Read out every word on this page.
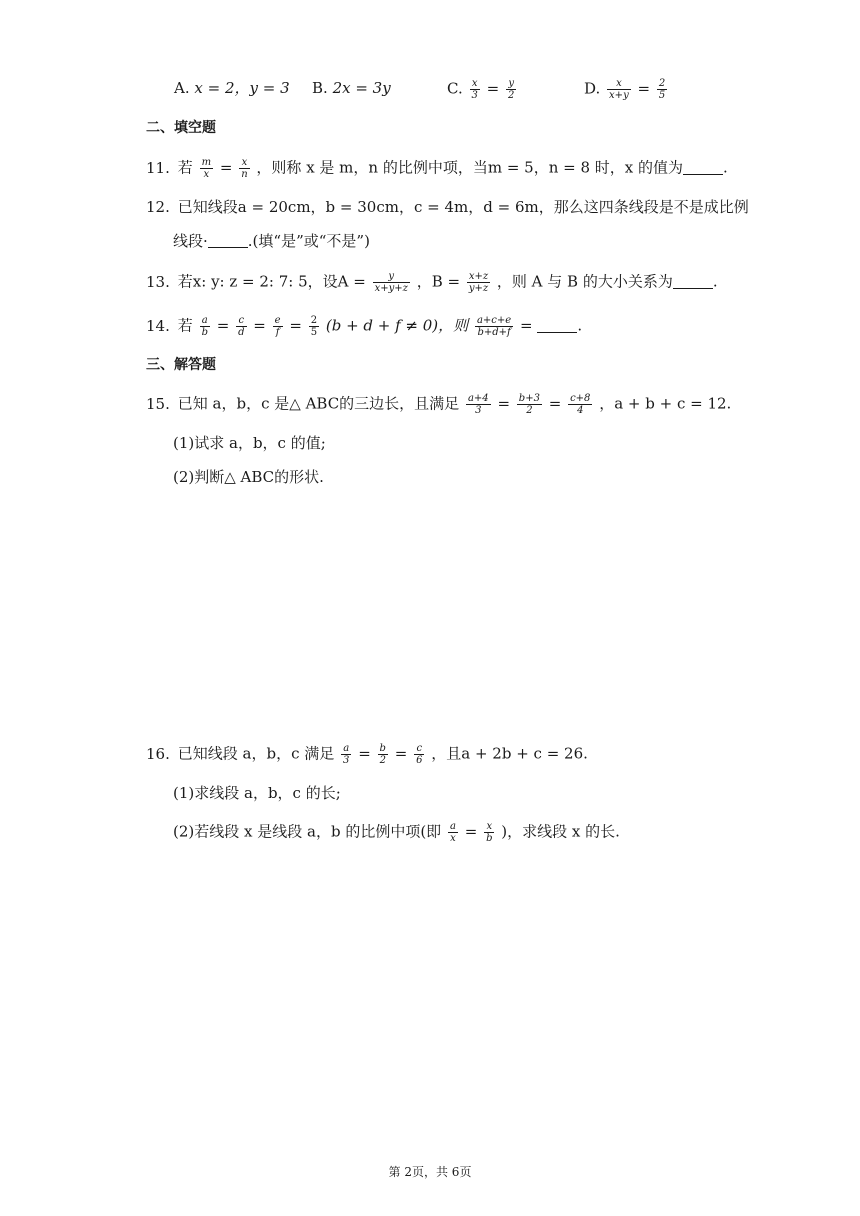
A. x = 2，y = 3 B. 2x = 3y	C. $\frac{x}{3} = \frac{y}{2}$	D. $\frac{x}{x+y} = \frac{2}{5}$
二、填空题
11. 若 $\frac{m}{x} = \frac{x}{n}$ ，则称 x 是 m，n 的比例中项，当m = 5，n = 8 时，x 的值为	.
12. 已知线段a = 20cm，b = 30cm，c = 4m，d = 6m，那么这四条线段是不是成比例
线段·	.(填“是”或“不是”)
13. 若x: y: z = 2: 7: 5，设$A = \frac{y}{x+y+z}$ ，$B = \frac{x+z}{y+z}$ ，则 A 与 B 的大小关系为	.
14. 若 $\frac{a}{b} = \frac{c}{d} = \frac{e}{f} = \frac{2}{5} (b + d + f \ne 0)$，则 $\frac{a+c+e}{b+d+f}$ =	.
三、解答题
15. 已知 a，b，c 是△ ABC的三边长，且满足 $\frac{a+4}{3} = \frac{b+3}{2} = \frac{c+8}{4}$ ，a + b + c = 12.
(1)试求 a，b，c 的值;
(2)判断△ ABC的形状.
16. 已知线段 a，b，c 满足 $\frac{a}{3} = \frac{b}{2} = \frac{c}{6}$ ，且a + 2b + c = 26.
(1)求线段 a，b，c 的长;
(2)若线段 x 是线段 a，b 的比例中项(即 $\frac{a}{x} = \frac{x}{b}$ )，求线段 x 的长.
第 2页，共 6页
